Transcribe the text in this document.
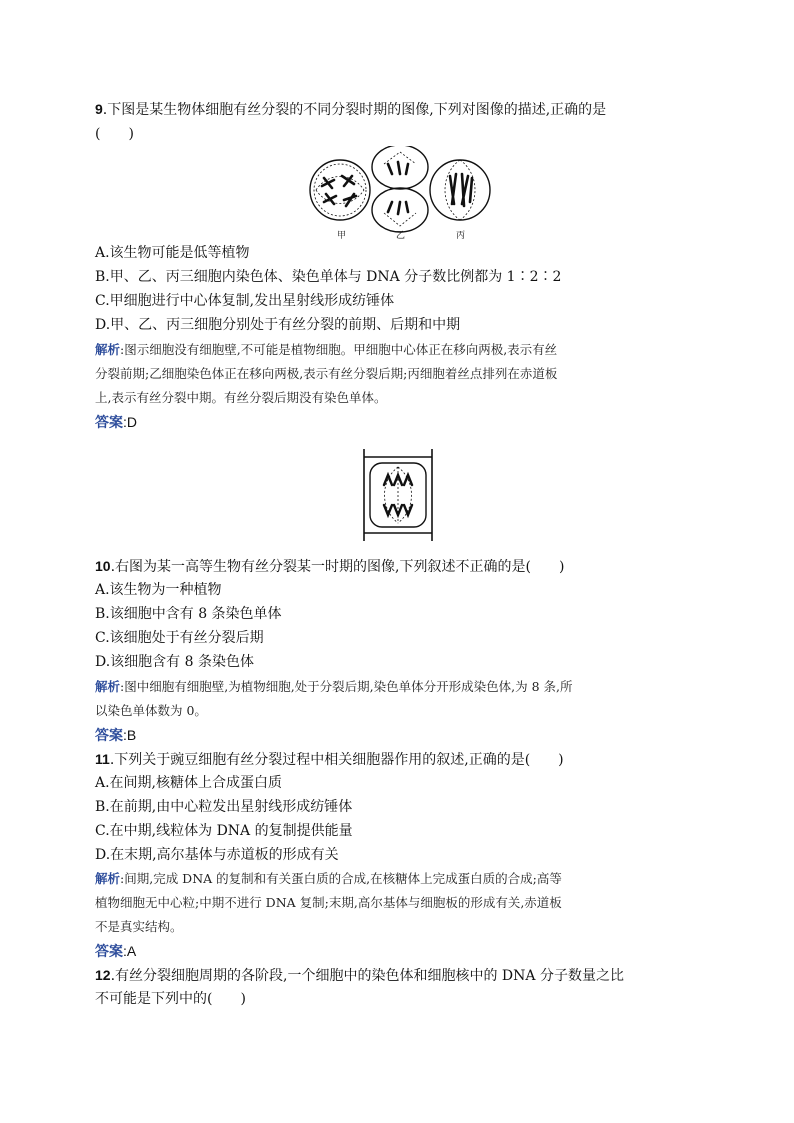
9.下图是某生物体细胞有丝分裂的不同分裂时期的图像,下列对图像的描述,正确的是
(　　)
甲	乙	丙
A.该生物可能是低等植物
B.甲、乙、丙三细胞内染色体、染色单体与 DNA 分子数比例都为 1∶2∶2
C.甲细胞进行中心体复制,发出星射线形成纺锤体
D.甲、乙、丙三细胞分别处于有丝分裂的前期、后期和中期
解析:图示细胞没有细胞壁,不可能是植物细胞。甲细胞中心体正在移向两极,表示有丝
分裂前期;乙细胞染色体正在移向两极,表示有丝分裂后期;丙细胞着丝点排列在赤道板
上,表示有丝分裂中期。有丝分裂后期没有染色单体。
答案:D
10.右图为某一高等生物有丝分裂某一时期的图像,下列叙述不正确的是(　　)
A.该生物为一种植物
B.该细胞中含有 8 条染色单体
C.该细胞处于有丝分裂后期
D.该细胞含有 8 条染色体
解析:图中细胞有细胞壁,为植物细胞,处于分裂后期,染色单体分开形成染色体,为 8 条,所
以染色单体数为 0。
答案:B
11.下列关于豌豆细胞有丝分裂过程中相关细胞器作用的叙述,正确的是(　　)
A.在间期,核糖体上合成蛋白质
B.在前期,由中心粒发出星射线形成纺锤体
C.在中期,线粒体为 DNA 的复制提供能量
D.在末期,高尔基体与赤道板的形成有关
解析:间期,完成 DNA 的复制和有关蛋白质的合成,在核糖体上完成蛋白质的合成;高等
植物细胞无中心粒;中期不进行 DNA 复制;末期,高尔基体与细胞板的形成有关,赤道板
不是真实结构。
答案:A
12.有丝分裂细胞周期的各阶段,一个细胞中的染色体和细胞核中的 DNA 分子数量之比
不可能是下列中的(　　)
